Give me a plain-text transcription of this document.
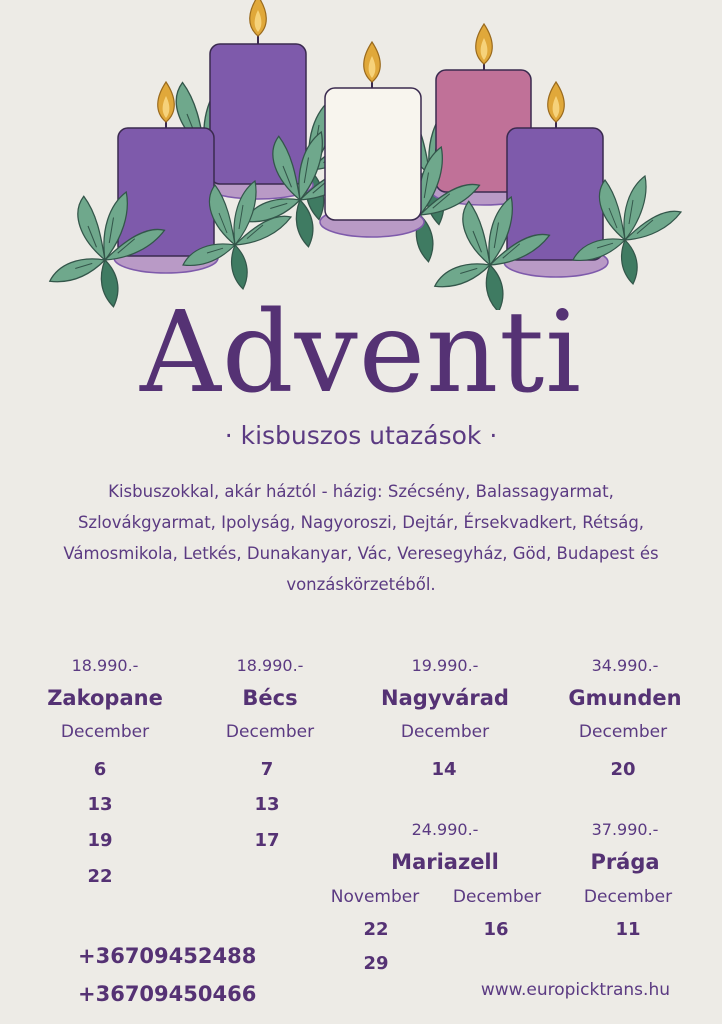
Adventi
· kisbuszos utazások ·
Kisbuszokkal, akár háztól - házig: Szécsény, Balassagyarmat, Szlovákgyarmat, Ipolyság, Nagyoroszi, Dejtár, Érsekvadkert, Rétság, Vámosmikola, Letkés, Dunakanyar, Vác, Veresegyház, Göd, Budapest és vonzáskörzetéből.
18.990.-
Zakopane
December
6
13
19
22
18.990.-
Bécs
December
7
13
17
19.990.-
Nagyvárad
December
14
34.990.-
Gmunden
December
20
24.990.-
Mariazell
November
22
29
December
16
37.990.-
Prága
December
11
+36709452488
+36709450466	www.europicktrans.hu
